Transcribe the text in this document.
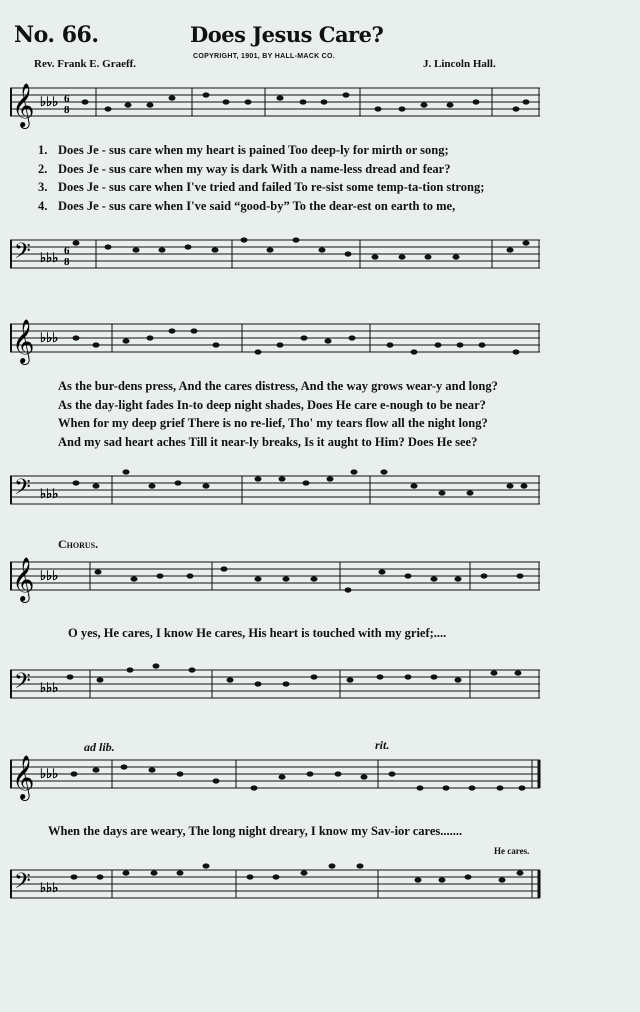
No. 66.	Does Jesus Care?
COPYRIGHT, 1901, BY HALL-MACK CO.
Rev. Frank E. Graeff.	J. Lincoln Hall.
𝄞 ♭♭♭ 6
8
1. Does Je - sus care when my heart is pained Too deep-ly for mirth or song;
2. Does Je - sus care when my way is dark With a name-less dread and fear?
3. Does Je - sus care when I've tried and failed To re-sist some temp-ta-tion strong;
4. Does Je - sus care when I've said “good-by” To the dear-est on earth to me,
𝄢 ♭♭♭ 6
8
𝄞 ♭♭♭
As the bur-dens press, And the cares distress, And the way grows wear-y and long?
As the day-light fades In-to deep night shades, Does He care e-nough to be near?
When for my deep grief There is no re-lief, Tho' my tears flow all the night long?
And my sad heart aches Till it near-ly breaks, Is it aught to Him? Does He see?
𝄢 ♭♭♭
Chorus.
𝄞 ♭♭♭
O yes, He cares, I know He cares, His heart is touched with my grief;....
𝄢 ♭♭♭
ad lib.	rit.
𝄞 ♭♭♭
When the days are weary, The long night dreary, I know my Sav-ior cares.......
He cares.
𝄢 ♭♭♭
